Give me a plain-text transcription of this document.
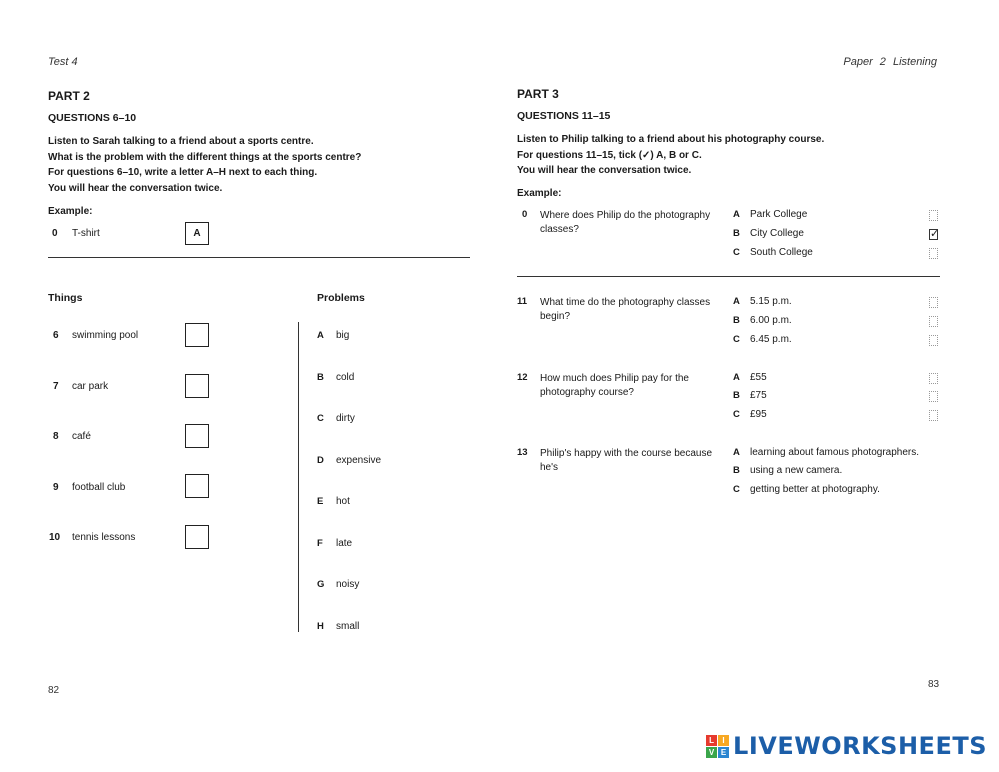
Test 4	Paper 2 Listening
PART 2
QUESTIONS 6–10
Listen to Sarah talking to a friend about a sports centre.
What is the problem with the different things at the sports centre?
For questions 6–10, write a letter A–H next to each thing.
You will hear the conversation twice.
Example:
0 T-shirt	A
Things	Problems
6 swimming pool
7 car park
8 café
9 football club
10 tennis lessons
A big
B cold
C dirty
D expensive
E hot
F late
G noisy
H small
82
PART 3
QUESTIONS 11–15
Listen to Philip talking to a friend about his photography course.
For questions 11–15, tick (✓) A, B or C.
You will hear the conversation twice.
Example:
0 Where does Philip do the photography
classes?
A Park College
B City College	✓
C South College
11 What time do the photography classes
begin?
A 5.15 p.m.
B 6.00 p.m.
C 6.45 p.m.
12 How much does Philip pay for the
photography course?
A £55
B £75
C £95
13 Philip's happy with the course because
he's
A learning about famous photographers.
B using a new camera.
C getting better at photography.
83
L	I
V E LIVEWORKSHEETS
